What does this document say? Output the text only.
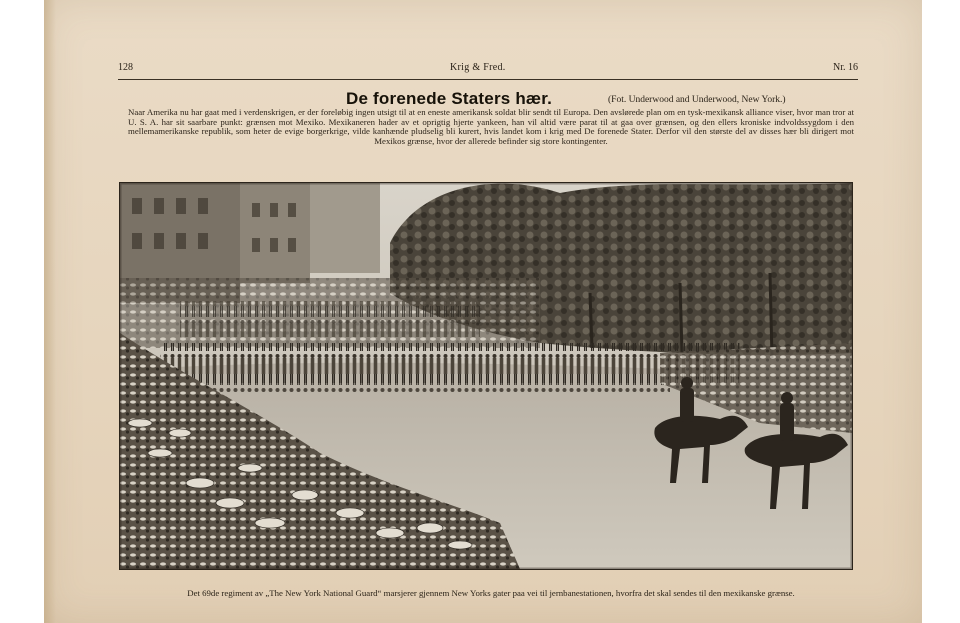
128	Krig & Fred.	Nr. 16
De forenede Staters hær.	(Fot. Underwood and Underwood, New York.)
Naar Amerika nu har gaat med i verdenskrigen, er der foreløbig ingen utsigt til at en eneste amerikansk soldat blir sendt til Europa. Den avslørede plan om en tysk-mexikansk alliance viser, hvor man tror at U. S. A. har sit saarbare punkt: grænsen mot Mexiko. Mexikaneren hader av et oprigtig hjerte yankeen, han vil altid være parat til at gaa over grænsen, og den ellers kroniske indvoldssygdom i den mellemamerikanske republik, som heter de evige borgerkrige, vilde kanhænde pludselig bli kurert, hvis landet kom i krig med De forenede Stater. Derfor vil den største del av disses hær bli dirigert mot Mexikos grænse, hvor der allerede befinder sig store kontingenter.
Det 69de regiment av „The New York National Guard“ marsjerer gjennem New Yorks gater paa vei til jernbanestationen, hvorfra det skal sendes til den mexikanske grænse.
